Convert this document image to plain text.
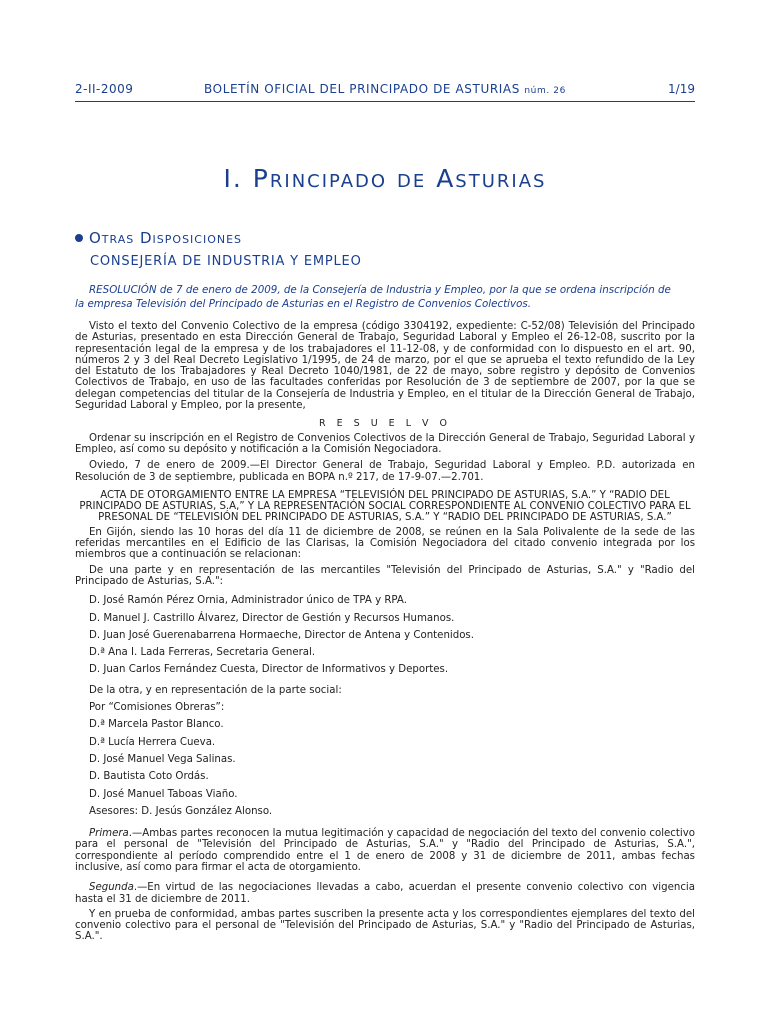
2-II-2009	BOLETÍN OFICIAL DEL PRINCIPADO DE ASTURIAS núm. 26	1/19
I. Principado de Asturias
Otras Disposiciones
CONSEJERÍA DE INDUSTRIA Y EMPLEO
RESOLUCIÓN de 7 de enero de 2009, de la Consejería de Industria y Empleo, por la que se ordena inscripción de
la empresa Televisión del Principado de Asturias en el Registro de Convenios Colectivos.

Visto el texto del Convenio Colectivo de la empresa (código 3304192, expediente: C-52/08) Televisión del Principado de Asturias, presentado en esta Dirección General de Trabajo, Seguridad Laboral y Empleo el 26-12-08, suscrito por la representación legal de la empresa y de los trabajadores el 11-12-08, y de conformidad con lo dispuesto en el art. 90, números 2 y 3 del Real Decreto Legislativo 1/1995, de 24 de marzo, por el que se aprueba el texto refundido de la Ley del Estatuto de los Trabajadores y Real Decreto 1040/1981, de 22 de mayo, sobre registro y depósito de Convenios Colectivos de Trabajo, en uso de las facultades conferidas por Resolución de 3 de septiembre de 2007, por la que se delegan competencias del titular de la Consejería de Industria y Empleo, en el titular de la Dirección General de Trabajo, Seguridad Laboral y Empleo, por la presente,

R E S U E L V O

Ordenar su inscripción en el Registro de Convenios Colectivos de la Dirección General de Trabajo, Seguridad Laboral y Empleo, así como su depósito y notificación a la Comisión Negociadora.

Oviedo, 7 de enero de 2009.—El Director General de Trabajo, Seguridad Laboral y Empleo. P.D. autorizada en Resolución de 3 de septiembre, publicada en BOPA n.º 217, de 17-9-07.—2.701.

ACTA DE OTORGAMIENTO ENTRE LA EMPRESA “TELEVISIÓN DEL PRINCIPADO DE ASTURIAS, S.A.” Y “RADIO DEL PRINCIPADO DE ASTURIAS, S.A,” Y LA REPRESENTACIÓN SOCIAL CORRESPONDIENTE AL CONVENIO COLECTIVO PARA EL PRESONAL DE “TELEVISIÓN DEL PRINCIPADO DE ASTURIAS, S.A.” Y “RADIO DEL PRINCIPADO DE ASTURIAS, S.A.”

En Gijón, siendo las 10 horas del día 11 de diciembre de 2008, se reúnen en la Sala Polivalente de la sede de las referidas mercantiles en el Edificio de las Clarisas, la Comisión Negociadora del citado convenio integrada por los miembros que a continuación se relacionan:

De una parte y en representación de las mercantiles "Televisión del Principado de Asturias, S.A." y "Radio del Principado de Asturias, S.A.":

D. José Ramón Pérez Ornia, Administrador único de TPA y RPA.

D. Manuel J. Castrillo Álvarez, Director de Gestión y Recursos Humanos.

D. Juan José Guerenabarrena Hormaeche, Director de Antena y Contenidos.

D.ª Ana I. Lada Ferreras, Secretaria General.

D. Juan Carlos Fernández Cuesta, Director de Informativos y Deportes.

De la otra, y en representación de la parte social:

Por “Comisiones Obreras”:

D.ª Marcela Pastor Blanco.

D.ª Lucía Herrera Cueva.

D. José Manuel Vega Salinas.

D. Bautista Coto Ordás.

D. José Manuel Taboas Viaño.

Asesores: D. Jesús González Alonso.

Primera.—Ambas partes reconocen la mutua legitimación y capacidad de negociación del texto del convenio colectivo para el personal de "Televisión del Principado de Asturias, S.A." y "Radio del Principado de Asturias, S.A.", correspondiente al período comprendido entre el 1 de enero de 2008 y 31 de diciembre de 2011, ambas fechas inclusive, así como para firmar el acta de otorgamiento.

Segunda.—En virtud de las negociaciones llevadas a cabo, acuerdan el presente convenio colectivo con vigencia hasta el 31 de diciembre de 2011.

Y en prueba de conformidad, ambas partes suscriben la presente acta y los correspondientes ejemplares del texto del convenio colectivo para el personal de "Televisión del Principado de Asturias, S.A." y "Radio del Principado de Asturias, S.A.".
